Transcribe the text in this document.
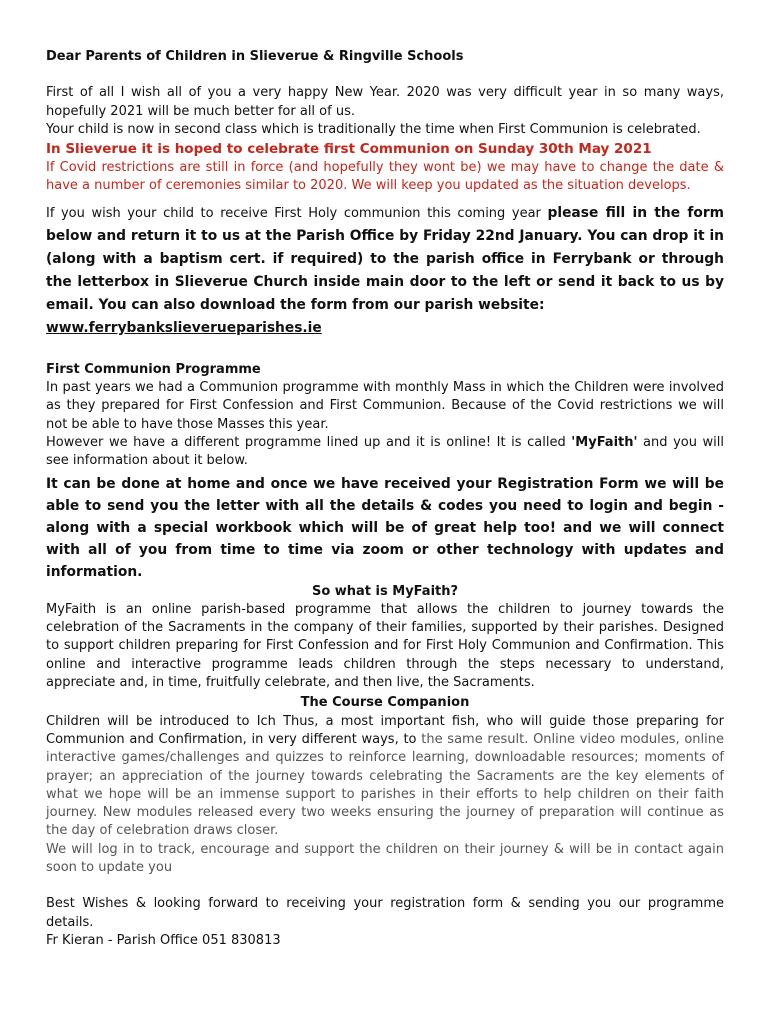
Dear Parents of Children in Slieverue & Ringville Schools

First of all I wish all of you a very happy New Year. 2020 was very difficult year in so many ways, hopefully 2021 will be much better for all of us.

Your child is now in second class which is traditionally the time when First Communion is celebrated.

In Slieverue it is hoped to celebrate first Communion on Sunday 30th May 2021

If Covid restrictions are still in force (and hopefully they wont be) we may have to change the date & have a number of ceremonies similar to 2020. We will keep you updated as the situation develops.

If you wish your child to receive First Holy communion this coming year please fill in the form below and return it to us at the Parish Office by Friday 22nd January. You can drop it in (along with a baptism cert. if required) to the parish office in Ferrybank or through the letterbox in Slieverue Church inside main door to the left or send it back to us by email. You can also download the form from our parish website:

www.ferrybankslieverueparishes.ie

First Communion Programme

In past years we had a Communion programme with monthly Mass in which the Children were involved as they prepared for First Confession and First Communion. Because of the Covid restrictions we will not be able to have those Masses this year.

However we have a different programme lined up and it is online! It is called 'MyFaith' and you will see information about it below.

It can be done at home and once we have received your Registration Form we will be able to send you the letter with all the details & codes you need to login and begin - along with a special workbook which will be of great help too! and we will connect with all of you from time to time via zoom or other technology with updates and information.

So what is MyFaith?

MyFaith is an online parish-based programme that allows the children to journey towards the celebration of the Sacraments in the company of their families, supported by their parishes. Designed to support children preparing for First Confession and for First Holy Communion and Confirmation. This online and interactive programme leads children through the steps necessary to understand, appreciate and, in time, fruitfully celebrate, and then live, the Sacraments.

The Course Companion

Children will be introduced to Ich Thus, a most important fish, who will guide those preparing for Communion and Confirmation, in very different ways, to the same result. Online video modules, online interactive games/challenges and quizzes to reinforce learning, downloadable resources; moments of prayer; an appreciation of the journey towards celebrating the Sacraments are the key elements of what we hope will be an immense support to parishes in their efforts to help children on their faith journey. New modules released every two weeks ensuring the journey of preparation will continue as the day of celebration draws closer.

We will log in to track, encourage and support the children on their journey & will be in contact again soon to update you

Best Wishes & looking forward to receiving your registration form & sending you our programme details.

Fr Kieran - Parish Office 051 830813
